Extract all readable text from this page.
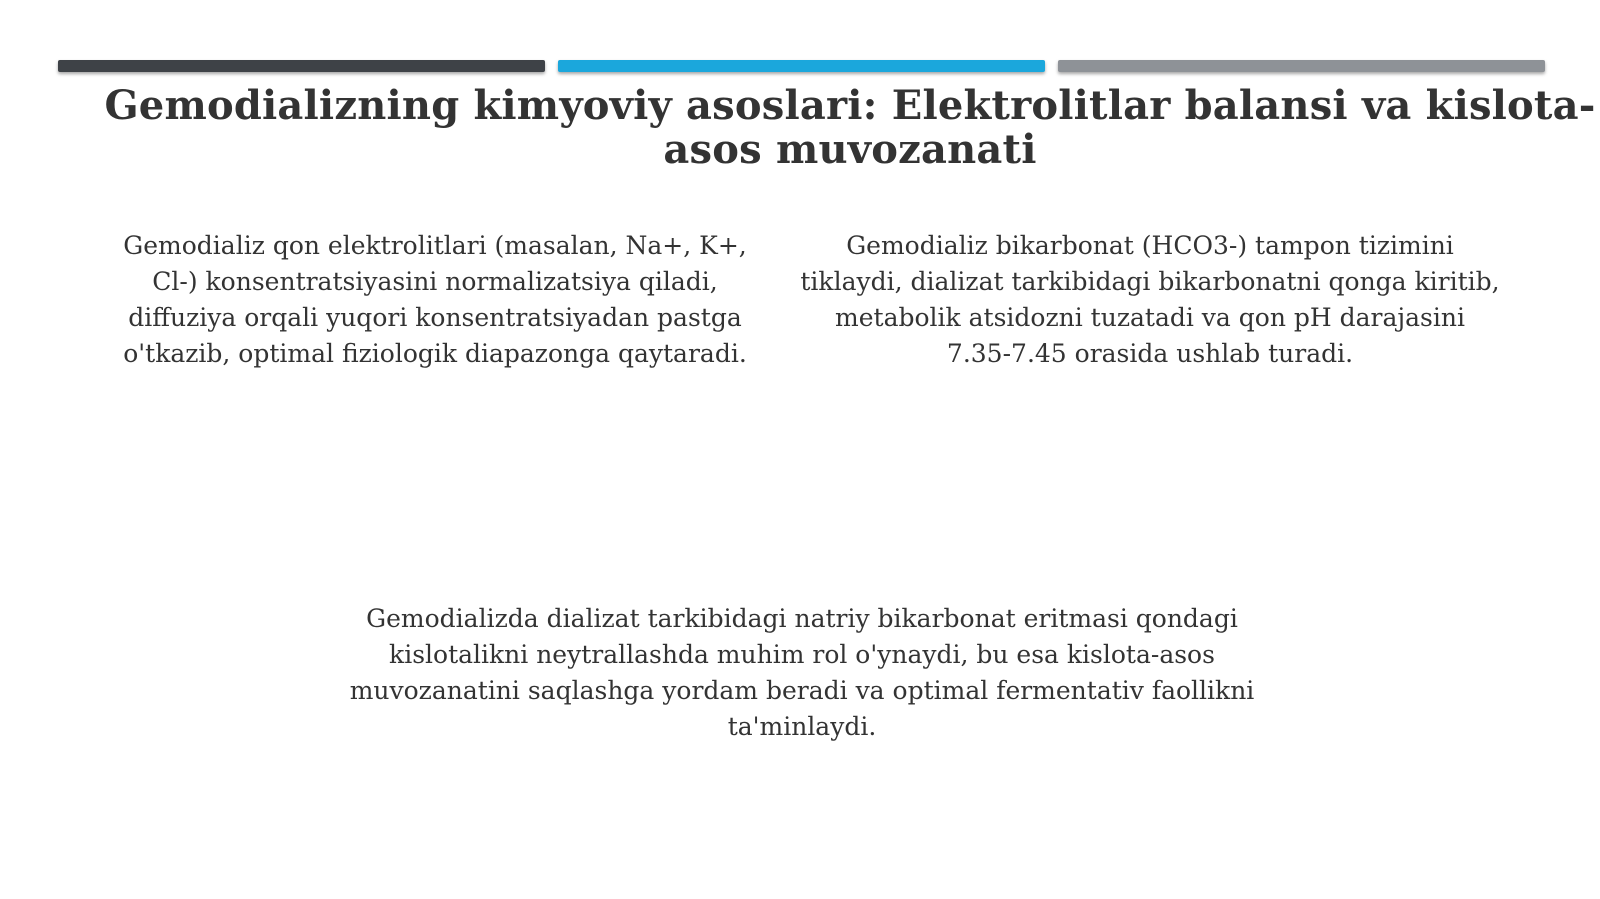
Gemodializning kimyoviy asoslari: Elektrolitlar balansi va kislota-asos muvozanati

Gemodializ qon elektrolitlari (masalan, Na+, K+, Cl-) konsentratsiyasini normalizatsiya qiladi, diffuziya orqali yuqori konsentratsiyadan pastga o'tkazib, optimal fiziologik diapazonga qaytaradi.

Gemodializ bikarbonat (HCO3-) tampon tizimini tiklaydi, dializat tarkibidagi bikarbonatni qonga kiritib, metabolik atsidozni tuzatadi va qon pH darajasini 7.35-7.45 orasida ushlab turadi.

Gemodializda dializat tarkibidagi natriy bikarbonat eritmasi qondagi kislotalikni neytrallashda muhim rol o'ynaydi, bu esa kislota-asos muvozanatini saqlashga yordam beradi va optimal fermentativ faollikni ta'minlaydi.
